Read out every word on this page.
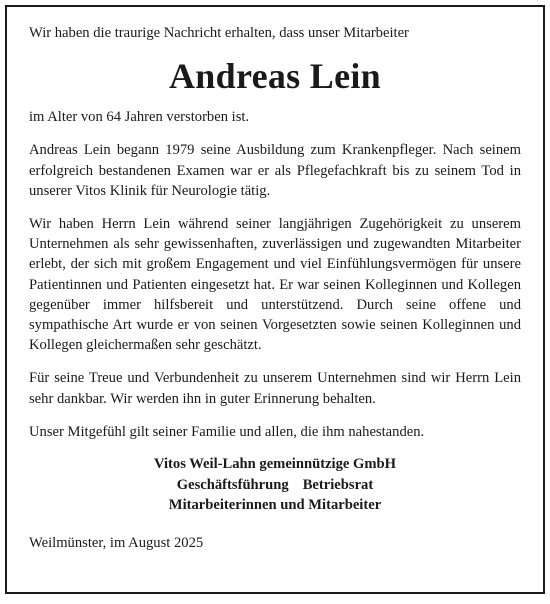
Wir haben die traurige Nachricht erhalten, dass unser Mitarbeiter

Andreas Lein

im Alter von 64 Jahren verstorben ist.

Andreas Lein begann 1979 seine Ausbildung zum Krankenpfleger. Nach seinem erfolgreich bestandenen Examen war er als Pflegefachkraft bis zu seinem Tod in unserer Vitos Klinik für Neurologie tätig.

Wir haben Herrn Lein während seiner langjährigen Zugehörigkeit zu unserem Unternehmen als sehr gewissenhaften, zuverlässigen und zugewandten Mitarbeiter erlebt, der sich mit großem Engagement und viel Einfühlungsvermögen für unsere Patientinnen und Patienten eingesetzt hat. Er war seinen Kolleginnen und Kollegen gegenüber immer hilfsbereit und unterstützend. Durch seine offene und sympathische Art wurde er von seinen Vorgesetzten sowie seinen Kolleginnen und Kollegen gleichermaßen sehr geschätzt.

Für seine Treue und Verbundenheit zu unserem Unternehmen sind wir Herrn Lein sehr dankbar. Wir werden ihn in guter Erinnerung behalten.

Unser Mitgefühl gilt seiner Familie und allen, die ihm nahestanden.

Vitos Weil-Lahn gemeinnützige GmbH
Geschäftsführung Betriebsrat
Mitarbeiterinnen und Mitarbeiter

Weilmünster, im August 2025
